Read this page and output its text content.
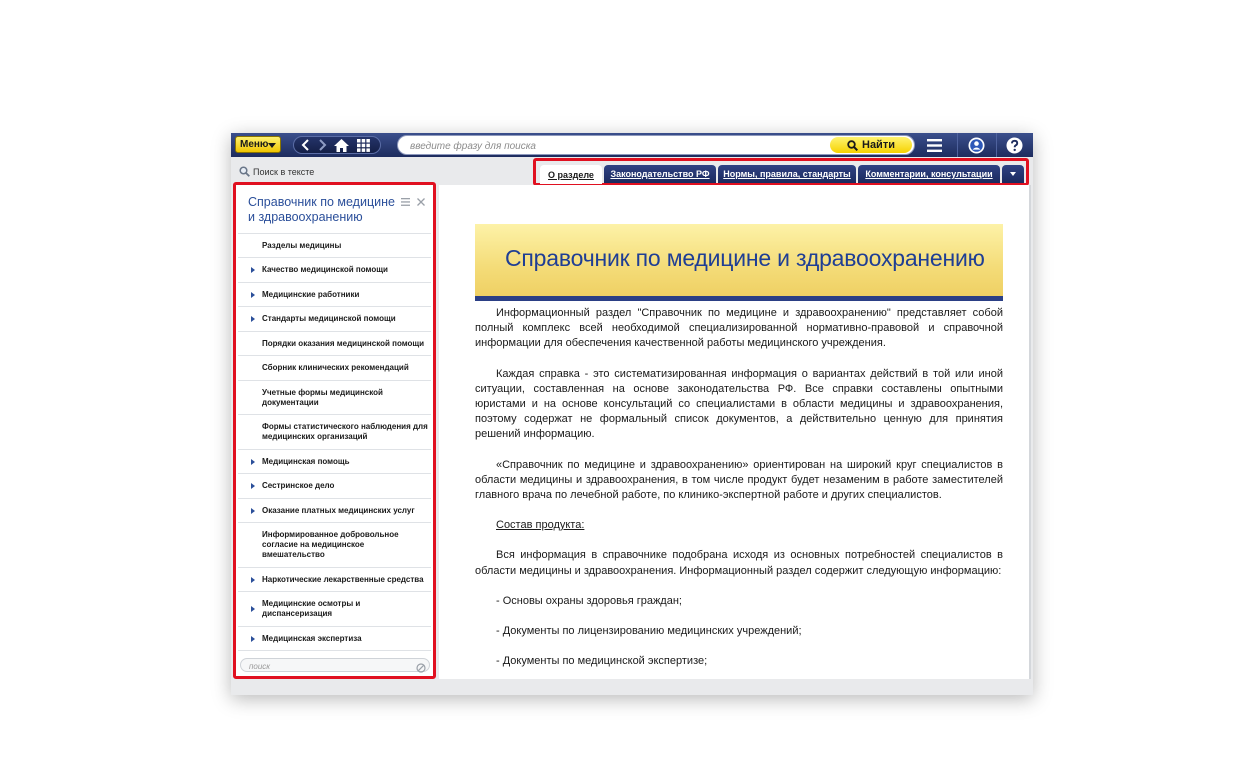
Меню
введите фразу для поиска	Найти
Поиск в тексте	О разделе	Законодательство РФ	Нормы, правила, стандарты	Комментарии, консультации
Справочник по медицине и здравоохранению
Разделы медицины
Качество медицинской помощи
Медицинские работники
Стандарты медицинской помощи
Порядки оказания медицинской помощи
Сборник клинических рекомендаций
Учетные формы медицинской документации
Формы статистического наблюдения для медицинских организаций
Медицинская помощь
Сестринское дело
Оказание платных медицинских услуг
Информированное добровольное согласие на медицинское вмешательство
Наркотические лекарственные средства
Медицинские осмотры и диспансеризация
Медицинская экспертиза
поиск
Справочник по медицине и здравоохранению

Информационный раздел "Справочник по медицине и здравоохранению" представляет собой полный комплекс всей необходимой специализированной нормативно-правовой и справочной информации для обеспечения качественной работы медицинского учреждения.

Каждая справка - это систематизированная информация о вариантах действий в той или иной ситуации, составленная на основе законодательства РФ. Все справки составлены опытными юристами и на основе консультаций со специалистами в области медицины и здравоохранения, поэтому содержат не формальный список документов, а действительно ценную для принятия решений информацию.

«Справочник по медицине и здравоохранению» ориентирован на широкий круг специалистов в области медицины и здравоохранения, в том числе продукт будет незаменим в работе заместителей главного врача по лечебной работе, по клинико-экспертной работе и других специалистов.

Состав продукта:

Вся информация в справочнике подобрана исходя из основных потребностей специалистов в области медицины и здравоохранения. Информационный раздел содержит следующую информацию:

- Основы охраны здоровья граждан;

- Документы по лицензированию медицинских учреждений;

- Документы по медицинской экспертизе;
